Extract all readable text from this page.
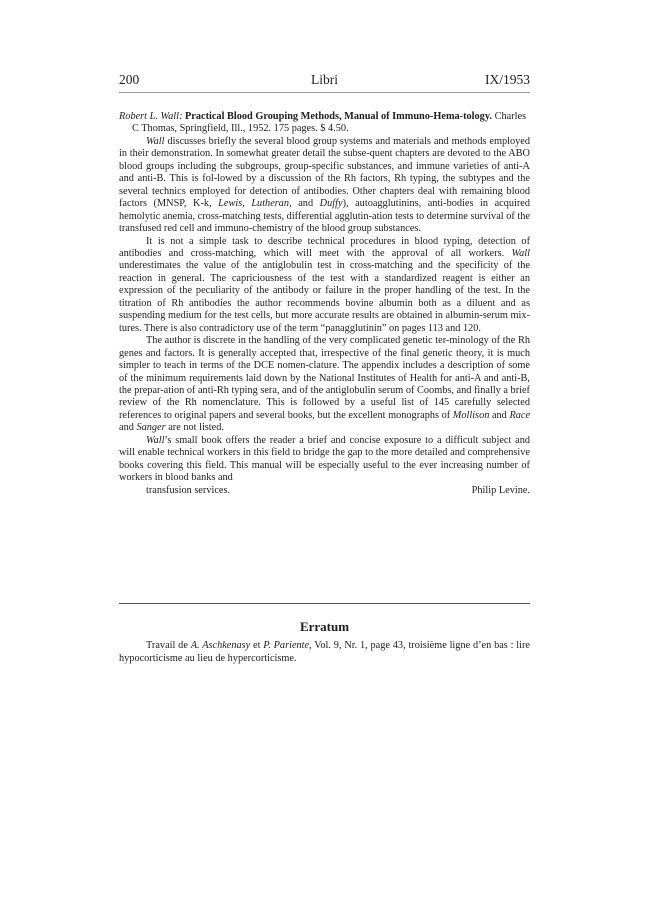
200	Libri	IX/1953

Robert L. Wall: Practical Blood Grouping Methods, Manual of Immuno-Hema-tology. Charles C Thomas, Springfield, Ill., 1952. 175 pages. $ 4.50.

Wall discusses briefly the several blood group systems and materials and methods employed in their demonstration. In somewhat greater detail the subse-quent chapters are devoted to the ABO blood groups including the subgroups, group-specific substances, and immune varieties of anti-A and anti-B. This is fol-lowed by a discussion of the Rh factors, Rh typing, the subtypes and the several technics employed for detection of antibodies. Other chapters deal with remaining blood factors (MNSP, K-k, Lewis, Lutheran, and Duffy), autoagglutinins, anti-bodies in acquired hemolytic anemia, cross-matching tests, differential agglutin-ation tests to determine survival of the transfused red cell and immuno-chemistry of the blood group substances.

It is not a simple task to describe technical procedures in blood typing, detection of antibodies and cross-matching, which will meet with the approval of all workers. Wall underestimates the value of the antiglobulin test in cross-matching and the specificity of the reaction in general. The capriciousness of the test with a standardized reagent is either an expression of the peculiarity of the antibody or failure in the proper handling of the test. In the titration of Rh antibodies the author recommends bovine albumin both as a diluent and as suspending medium for the test cells, but more accurate results are obtained in albumin-serum mix-tures. There is also contradictory use of the term “panagglutinin” on pages 113 and 120.

The author is discrete in the handling of the very complicated genetic ter-minology of the Rh genes and factors. It is generally accepted that, irrespective of the final genetic theory, it is much simpler to teach in terms of the DCE nomen-clature. The appendix includes a description of some of the minimum requirements laid down by the National Institutes of Health for anti-A and anti-B, the prepar-ation of anti-Rh typing sera, and of the antiglobulin serum of Coombs, and finally a brief review of the Rh nomenclature. This is followed by a useful list of 145 carefully selected references to original papers and several books, but the excellent monographs of Mollison and Race and Sanger are not listed.

Wall’s small book offers the reader a brief and concise exposure to a difficult subject and will enable technical workers in this field to bridge the gap to the more detailed and comprehensive books covering this field. This manual will be especially useful to the ever increasing number of workers in blood banks and

transfusion services.	Philip Levine.

Erratum

Travail de A. Aschkenasy et P. Pariente, Vol. 9, Nr. 1, page 43, troisième ligne d’en bas : lire hypocorticisme au lieu de hypercorticisme.
